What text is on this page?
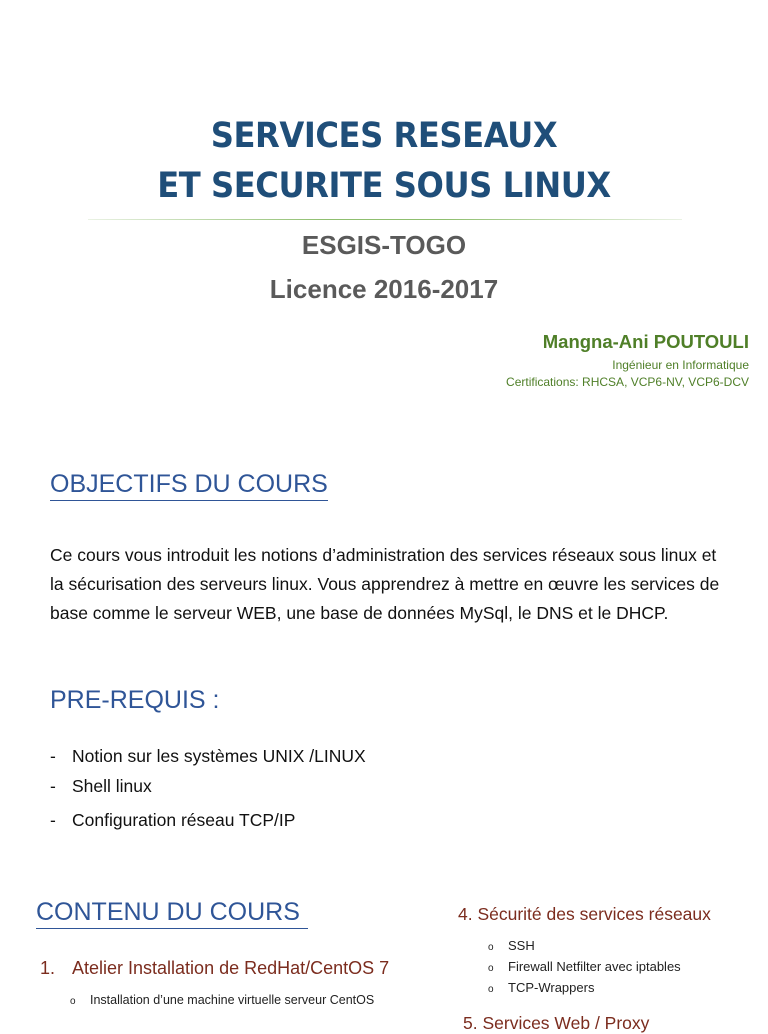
SERVICES RESEAUX
ET SECURITE SOUS LINUX
ESGIS-TOGO
Licence 2016-2017
Mangna-Ani POUTOULI
Ingénieur en Informatique
Certifications: RHCSA, VCP6-NV, VCP6-DCV
OBJECTIFS DU COURS
Ce cours vous introduit les notions d’administration des services réseaux sous linux et la sécurisation des serveurs linux. Vous apprendrez à mettre en œuvre les services de base comme le serveur WEB, une base de données MySql, le DNS et le DHCP.
PRE-REQUIS :
- Notion sur les systèmes UNIX /LINUX
- Shell linux
- Configuration réseau TCP/IP
CONTENU DU COURS
1. Atelier Installation de RedHat/CentOS 7
o Installation d’une machine virtuelle serveur CentOS
4. Sécurité des services réseaux
o SSH
o Firewall Netfilter avec iptables
o TCP-Wrappers
5. Services Web / Proxy
